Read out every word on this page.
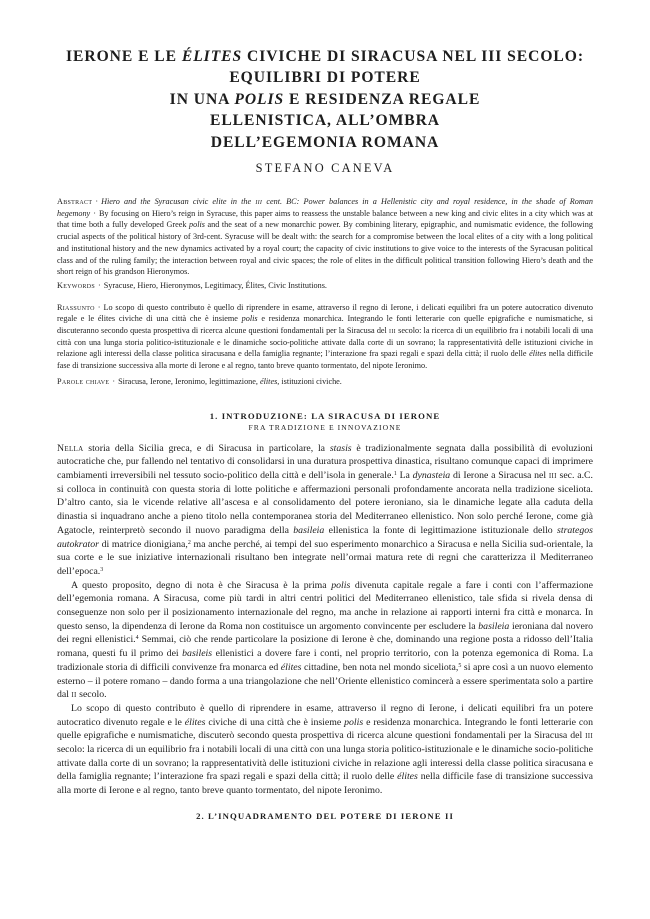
IERONE E LE ÉLITES CIVICHE DI SIRACUSA NEL III SECOLO:
EQUILIBRI DI POTERE
IN UNA POLIS E RESIDENZA REGALE
ELLENISTICA, ALL’OMBRA
DELL’EGEMONIA ROMANA
STEFANO CANEVA

Abstract · Hiero and the Syracusan civic elite in the iii cent. BC: Power balances in a Hellenistic city and royal residence, in the shade of Roman hegemony · By focusing on Hiero’s reign in Syracuse, this paper aims to reassess the unstable balance between a new king and civic elites in a city which was at that time both a fully developed Greek polis and the seat of a new monarchic power. By combining literary, epigraphic, and numismatic evidence, the following crucial aspects of the political history of 3rd-cent. Syracuse will be dealt with: the search for a compromise between the local elites of a city with a long political and institutional history and the new dynamics activated by a royal court; the capacity of civic institutions to give voice to the interests of the Syracusan political class and of the ruling family; the interaction between royal and civic spaces; the role of elites in the difficult political transition following Hiero’s death and the short reign of his grandson Hieronymos.

Keywords · Syracuse, Hiero, Hieronymos, Legitimacy, Élites, Civic Institutions.

Riassunto · Lo scopo di questo contributo è quello di riprendere in esame, attraverso il regno di Ierone, i delicati equilibri fra un potere autocratico divenuto regale e le élites civiche di una città che è insieme polis e residenza monarchica. Integrando le fonti letterarie con quelle epigrafiche e numismatiche, si discuteranno secondo questa prospettiva di ricerca alcune questioni fondamentali per la Siracusa del iii secolo: la ricerca di un equilibrio fra i notabili locali di una città con una lunga storia politico-istituzionale e le dinamiche socio-politiche attivate dalla corte di un sovrano; la rappresentatività delle istituzioni civiche in relazione agli interessi della classe politica siracusana e della famiglia regnante; l’interazione fra spazi regali e spazi della città; il ruolo delle élites nella difficile fase di transizione successiva alla morte di Ierone e al regno, tanto breve quanto tormentato, del nipote Ieronimo.

Parole chiave · Siracusa, Ierone, Ieronimo, legittimazione, élites, istituzioni civiche.

1. INTRODUZIONE: LA SIRACUSA DI IERONE
FRA TRADIZIONE E INNOVAZIONE

Nella storia della Sicilia greca, e di Siracusa in particolare, la stasis è tradizionalmente segnata dalla possibilità di evoluzioni autocratiche che, pur fallendo nel tentativo di consolidarsi in una duratura prospettiva dinastica, risultano comunque capaci di imprimere cambiamenti irreversibili nel tessuto socio-politico della città e dell’isola in generale.$^1$ La dynasteia di Ierone a Siracusa nel iii sec. a.C. si colloca in continuità con questa storia di lotte politiche e affermazioni personali profondamente ancorata nella tradizione siceliota. D’altro canto, sia le vicende relative all’ascesa e al consolidamento del potere ieroniano, sia le dinamiche legate alla caduta della dinastia si inquadrano anche a pieno titolo nella contemporanea storia del Mediterraneo ellenistico. Non solo perché Ierone, come già Agatocle, reinterpretò secondo il nuovo paradigma della basileia ellenistica la fonte di legittimazione istituzionale dello strategos autokrator di matrice dionigiana,$^2$ ma anche perché, ai tempi del suo esperimento monarchico a Siracusa e nella Sicilia sud-orientale, la sua corte e le sue iniziative internazionali risultano ben integrate nell’ormai matura rete di regni che caratterizza il Mediterraneo dell’epoca.$^3$

A questo proposito, degno di nota è che Siracusa è la prima polis divenuta capitale regale a fare i conti con l’affermazione dell’egemonia romana. A Siracusa, come più tardi in altri centri politici del Mediterraneo ellenistico, tale sfida si rivela densa di conseguenze non solo per il posizionamento internazionale del regno, ma anche in relazione ai rapporti interni fra città e monarca. In questo senso, la dipendenza di Ierone da Roma non costituisce un argomento convincente per escludere la basileia ieroniana dal novero dei regni ellenistici.$^4$ Semmai, ciò che rende particolare la posizione di Ierone è che, dominando una regione posta a ridosso dell’Italia romana, questi fu il primo dei basileis ellenistici a dovere fare i conti, nel proprio territorio, con la potenza egemonica di Roma. La tradizionale storia di difficili convivenze fra monarca ed élites cittadine, ben nota nel mondo siceliota,$^5$ si apre così a un nuovo elemento esterno – il potere romano – dando forma a una triangolazione che nell’Oriente ellenistico comincerà a essere sperimentata solo a partire dal ii secolo.

Lo scopo di questo contributo è quello di riprendere in esame, attraverso il regno di Ierone, i delicati equilibri fra un potere autocratico divenuto regale e le élites civiche di una città che è insieme polis e residenza monarchica. Integrando le fonti letterarie con quelle epigrafiche e numismatiche, discuterò secondo questa prospettiva di ricerca alcune questioni fondamentali per la Siracusa del iii secolo: la ricerca di un equilibrio fra i notabili locali di una città con una lunga storia politico-istituzionale e le dinamiche socio-politiche attivate dalla corte di un sovrano; la rappresentatività delle istituzioni civiche in relazione agli interessi della classe politica siracusana e della famiglia regnante; l’interazione fra spazi regali e spazi della città; il ruolo delle élites nella difficile fase di transizione successiva alla morte di Ierone e al regno, tanto breve quanto tormentato, del nipote Ieronimo.

2. L’INQUADRAMENTO DEL POTERE DI IERONE II
